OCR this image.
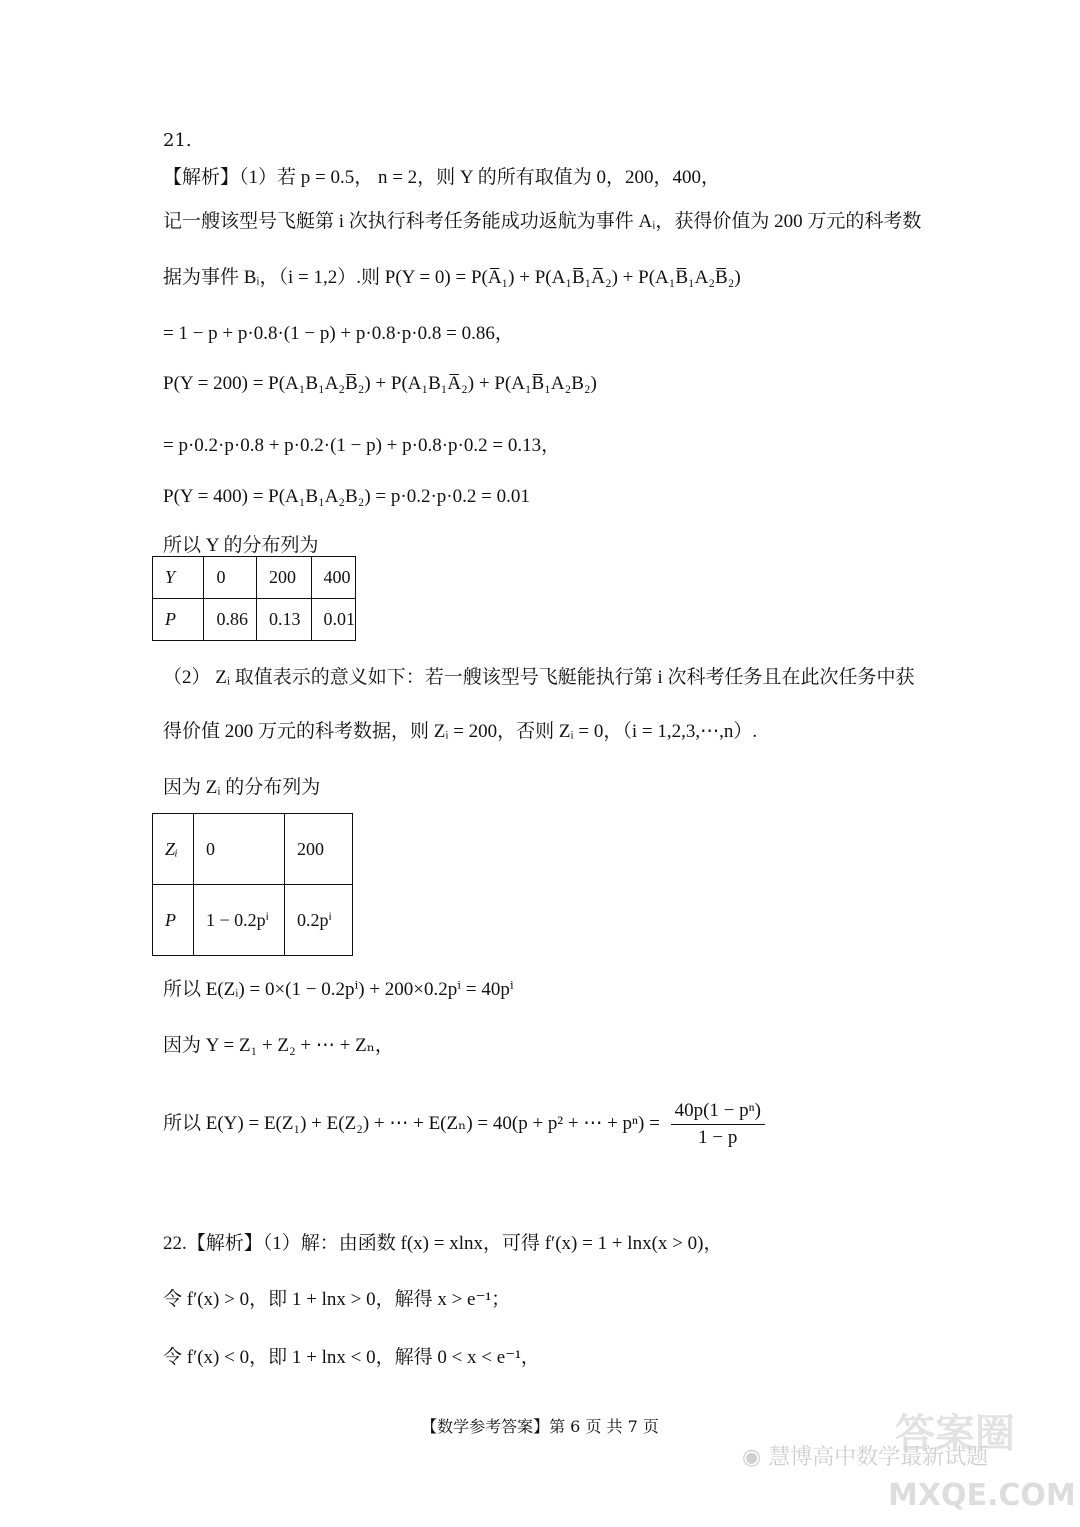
21.
【解析】（1）若 p = 0.5， n = 2，则 Y 的所有取值为 0，200，400，
记一艘该型号飞艇第 i 次执行科考任务能成功返航为事件 Aᵢ，获得价值为 200 万元的科考数
据为事件 Bᵢ，（i = 1,2）.则 P(Y = 0) = P(A̅₁) + P(A₁B̅₁A̅₂) + P(A₁B̅₁A₂B̅₂)
= 1 − p + p·0.8·(1 − p) + p·0.8·p·0.8 = 0.86，
P(Y = 200) = P(A₁B₁A₂B̅₂) + P(A₁B₁A̅₂) + P(A₁B̅₁A₂B₂)
= p·0.2·p·0.8 + p·0.2·(1 − p) + p·0.8·p·0.2 = 0.13，
P(Y = 400) = P(A₁B₁A₂B₂) = p·0.2·p·0.2 = 0.01
所以 Y 的分布列为
Y	0	200	400
P	0.86	0.13	0.01
（2） Zᵢ 取值表示的意义如下：若一艘该型号飞艇能执行第 i 次科考任务且在此次任务中获
得价值 200 万元的科考数据，则 Zᵢ = 200，否则 Zᵢ = 0，（i = 1,2,3,⋯,n）.
因为 Zᵢ 的分布列为
Zᵢ	0	200
P	1 − 0.2pⁱ	0.2pⁱ
所以 E(Zᵢ) = 0×(1 − 0.2pⁱ) + 200×0.2pⁱ = 40pⁱ
因为 Y = Z₁ + Z₂ + ⋯ + Zₙ，
所以 E(Y) = E(Z₁) + E(Z₂) + ⋯ + E(Zₙ) = 40(p + p² + ⋯ + $p^n) = \frac{\text{40p(1 − pⁿ)}}{1 - p}$
22.【解析】（1）解：由函数 f(x) = xlnx，可得 f′(x) = 1 + lnx(x > 0)，
令 f′(x) > 0，即 1 + lnx > 0，解得 x > e⁻¹；
令 f′(x) < 0，即 1 + lnx < 0，解得 0 < x < e⁻¹，
【数学参考答案】第 6 页 共 7 页	答案圈
◉ 慧博高中数学最新试题
MXQE.COM
